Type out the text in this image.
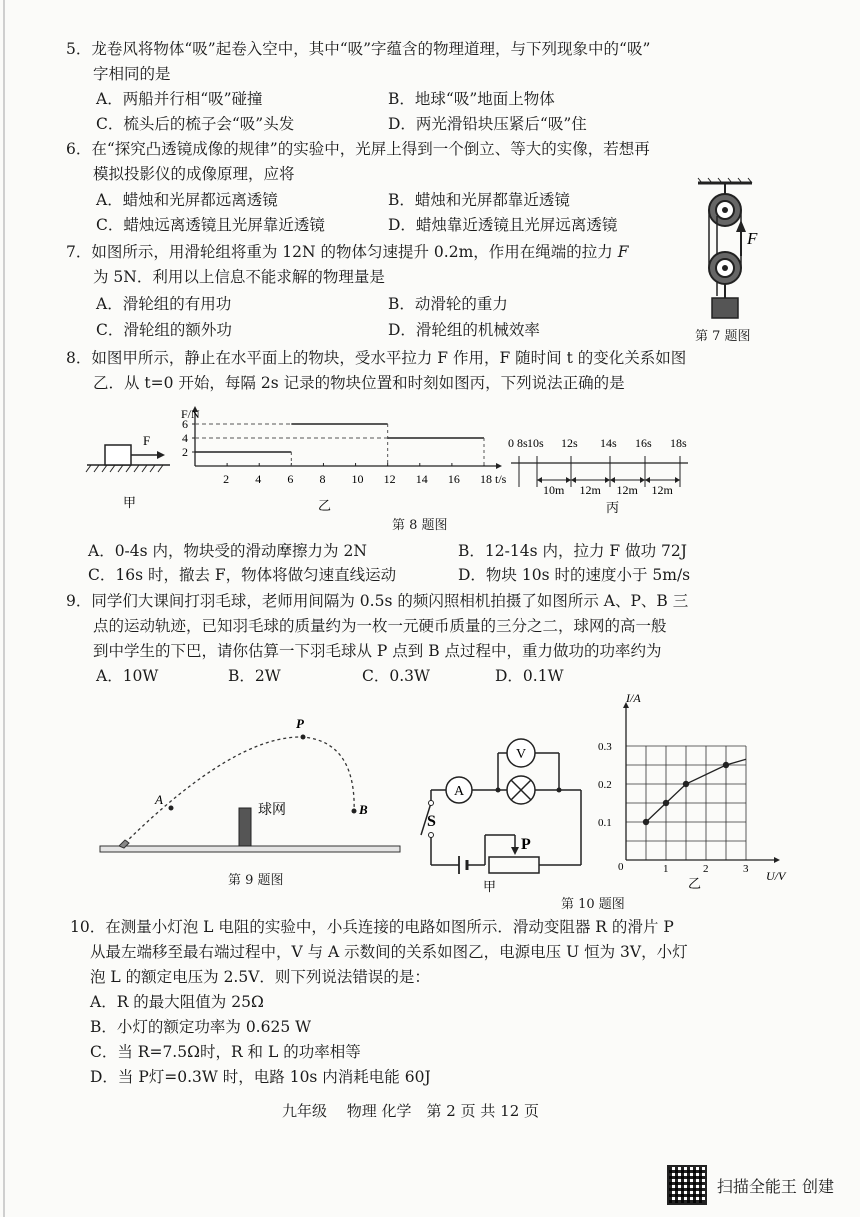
5．龙卷风将物体“吸”起卷入空中，其中“吸”字蕴含的物理道理，与下列现象中的“吸”
字相同的是
A．两船并行相“吸”碰撞	B．地球“吸”地面上物体
C．梳头后的梳子会“吸”头发	D．两光滑铅块压紧后“吸”住
6．在“探究凸透镜成像的规律”的实验中，光屏上得到一个倒立、等大的实像，若想再
模拟投影仪的成像原理，应将
A．蜡烛和光屏都远离透镜	B．蜡烛和光屏都靠近透镜
C．蜡烛远离透镜且光屏靠近透镜	D．蜡烛靠近透镜且光屏远离透镜
7．如图所示，用滑轮组将重为 12N 的物体匀速提升 0.2m，作用在绳端的拉力 F
为 5N．利用以上信息不能求解的物理量是
A．滑轮组的有用功	B．动滑轮的重力
C．滑轮组的额外功	D．滑轮组的机械效率
F
第 7 题图
8．如图甲所示，静止在水平面上的物块，受水平拉力 F 作用，F 随时间 t 的变化关系如图
乙．从 t=0 开始，每隔 2s 记录的物块位置和时刻如图丙，下列说法正确的是
F
甲
2 4 6 8 10 12 14 16 18
2
4
6
F/N
t/s
乙
0 8s 10s 12s 14s 16s 18s
10m 12m 12m 12m
丙
第 8 题图
A．0-4s 内，物块受的滑动摩擦力为 2N	B．12-14s 内，拉力 F 做功 72J
C．16s 时，撤去 F，物体将做匀速直线运动	D．物块 10s 时的速度小于 5m/s
9．同学们大课间打羽毛球，老师用间隔为 0.5s 的频闪照相机拍摄了如图所示 A、P、B 三
点的运动轨迹，已知羽毛球的质量约为一枚一元硬币质量的三分之二，球网的高一般
到中学生的下巴，请你估算一下羽毛球从 P 点到 B 点过程中，重力做功的功率约为
A．10W	B．2W	C．0.3W	D．0.1W
球网
A
P
B
第 9 题图
A
V
S
P
甲
1	2	3
0.1
0.2
0.3
I/A
U/V
0
乙
第 10 题图
10．在测量小灯泡 L 电阻的实验中，小兵连接的电路如图所示．滑动变阻器 R 的滑片 P
从最左端移至最右端过程中，V 与 A 示数间的关系如图乙，电源电压 U 恒为 3V，小灯
泡 L 的额定电压为 2.5V．则下列说法错误的是：
A．R 的最大阻值为 25Ω
B．小灯的额定功率为 0.625 W
C．当 R=7.5Ω时，R 和 L 的功率相等
D．当 P灯=0.3W 时，电路 10s 内消耗电能 60J
九年级　 物理 化学　第 2 页 共 12 页
扫描全能王 创建
